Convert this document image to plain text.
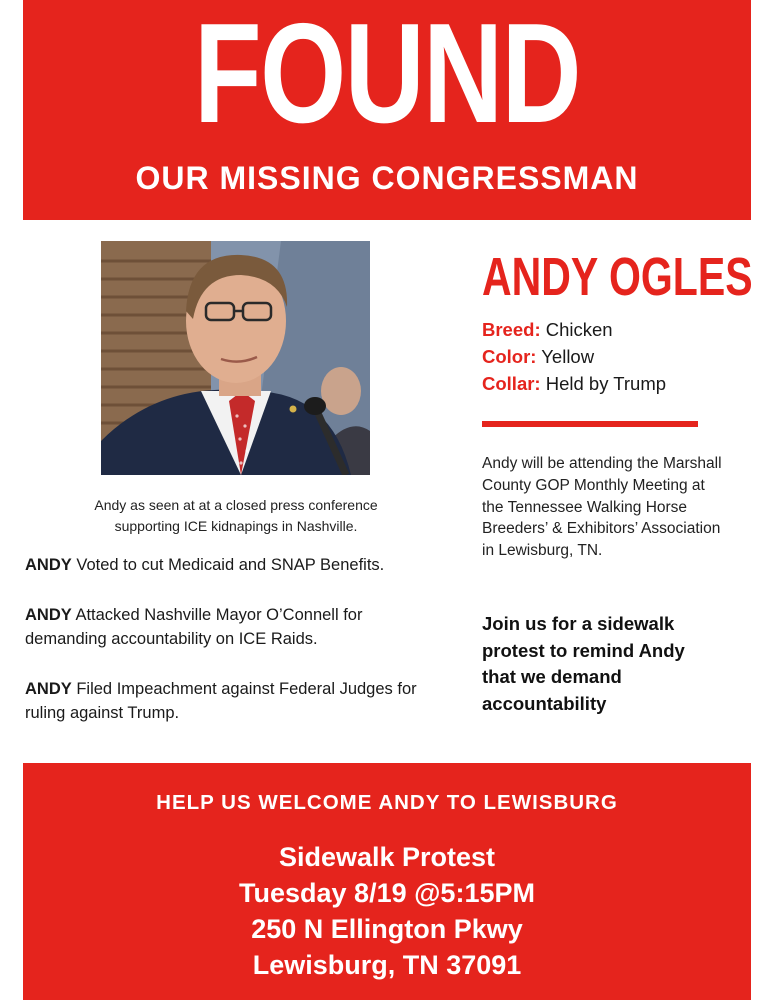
FOUND
OUR MISSING CONGRESSMAN
Andy as seen at at a closed press conference supporting ICE kidnapings in Nashville.
ANDY Voted to cut Medicaid and SNAP Benefits.
ANDY Attacked Nashville Mayor O’Connell for demanding accountability on ICE Raids.
ANDY Filed Impeachment against Federal Judges for ruling against Trump.
ANDY OGLES
Breed: Chicken
Color: Yellow
Collar: Held by Trump
Andy will be attending the Marshall County GOP Monthly Meeting at the Tennessee Walking Horse Breeders’ & Exhibitors’ Association in Lewisburg, TN.
Join us for a sidewalk protest to remind Andy that we demand accountability
HELP US WELCOME ANDY TO LEWISBURG
Sidewalk Protest
Tuesday 8/19 @5:15PM
250 N Ellington Pkwy
Lewisburg, TN 37091
